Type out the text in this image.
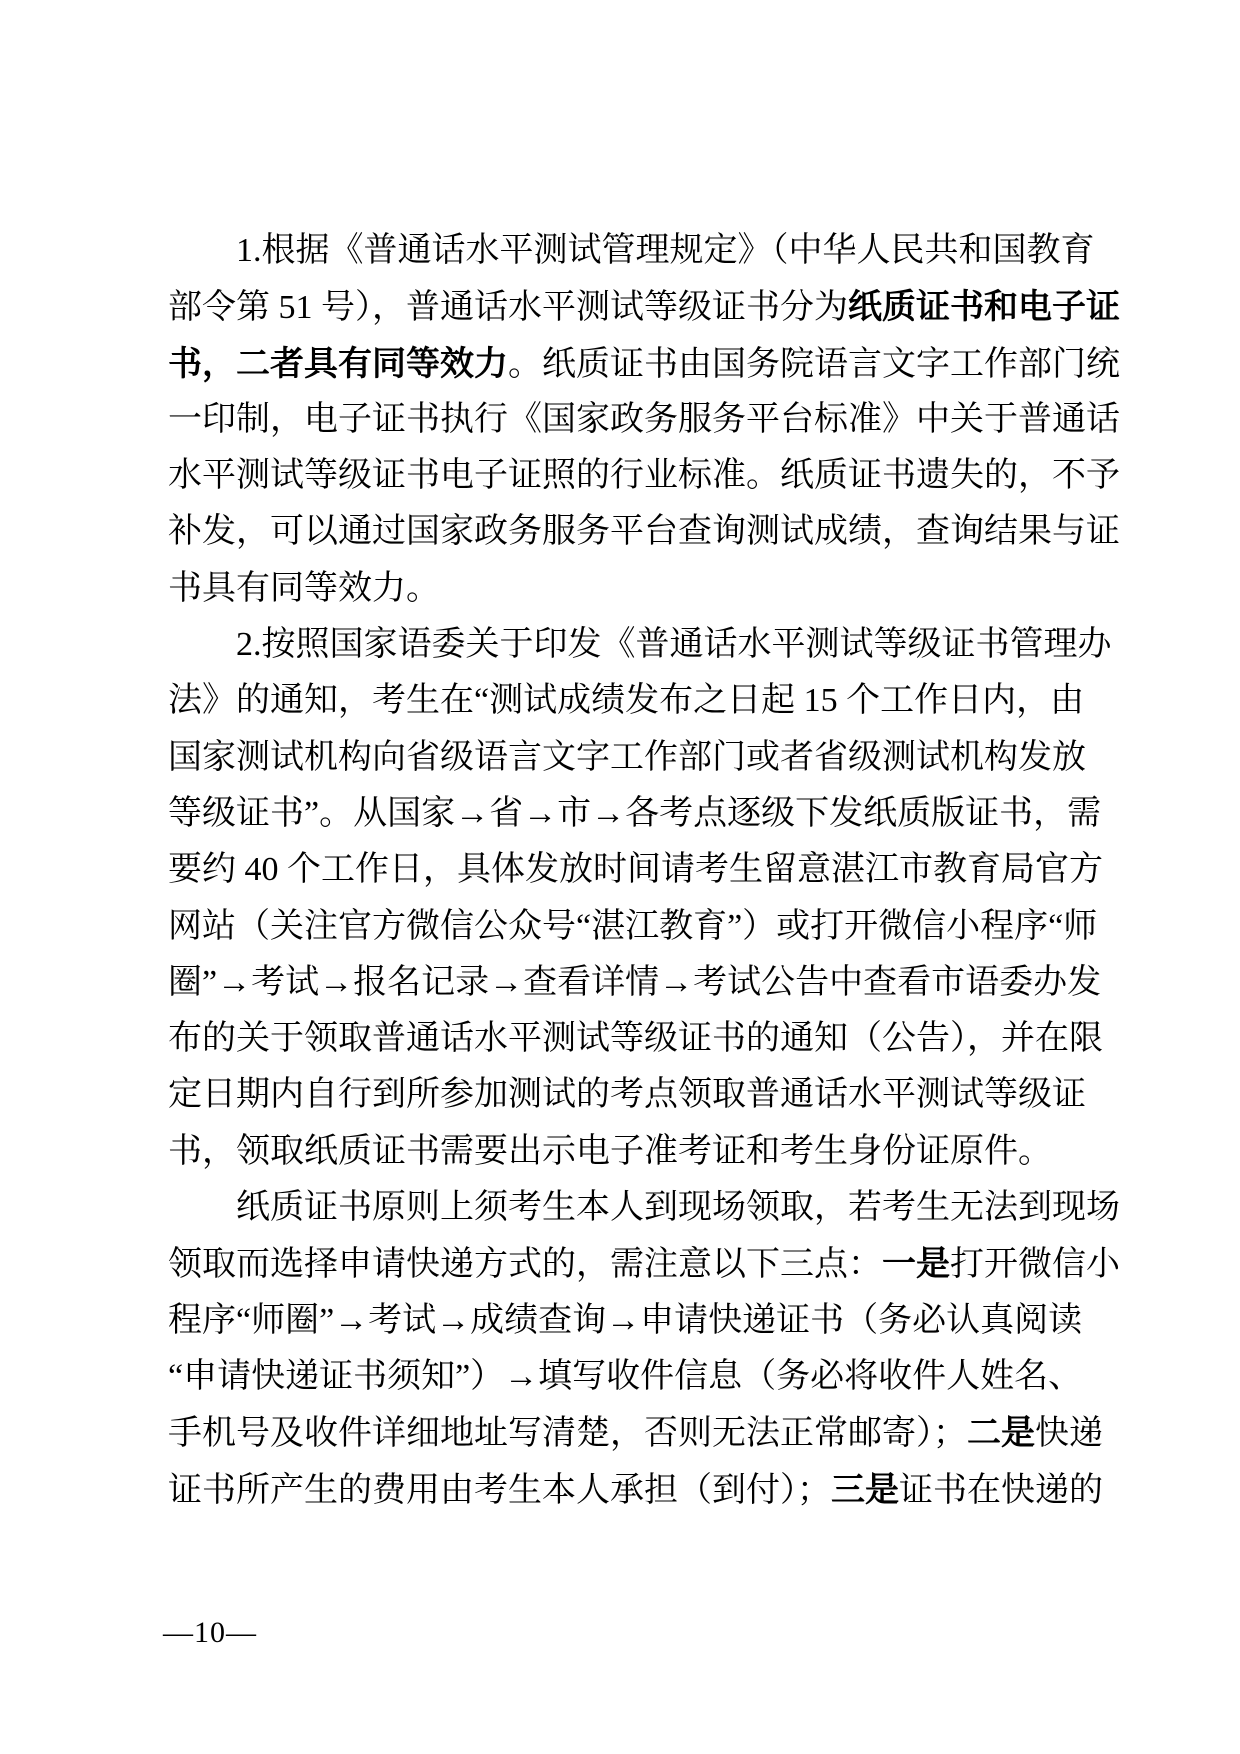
1.根据《普通话水平测试管理规定》（中华人民共和国教育
部令第 51 号），普通话水平测试等级证书分为纸质证书和电子证
书，二者具有同等效力。纸质证书由国务院语言文字工作部门统
一印制，电子证书执行《国家政务服务平台标准》中关于普通话
水平测试等级证书电子证照的行业标准。纸质证书遗失的，不予
补发，可以通过国家政务服务平台查询测试成绩，查询结果与证
书具有同等效力。
2.按照国家语委关于印发《普通话水平测试等级证书管理办
法》的通知，考生在“测试成绩发布之日起 15 个工作日内，由
国家测试机构向省级语言文字工作部门或者省级测试机构发放
等级证书”。从国家→省→市→各考点逐级下发纸质版证书，需
要约 40 个工作日，具体发放时间请考生留意湛江市教育局官方
网站（关注官方微信公众号“湛江教育”）或打开微信小程序“师
圈”→考试→报名记录→查看详情→考试公告中查看市语委办发
布的关于领取普通话水平测试等级证书的通知（公告），并在限
定日期内自行到所参加测试的考点领取普通话水平测试等级证
书，领取纸质证书需要出示电子准考证和考生身份证原件。
纸质证书原则上须考生本人到现场领取，若考生无法到现场
领取而选择申请快递方式的，需注意以下三点：一是打开微信小
程序“师圈”→考试→成绩查询→申请快递证书（务必认真阅读
“申请快递证书须知”）→填写收件信息（务必将收件人姓名、
手机号及收件详细地址写清楚，否则无法正常邮寄）；二是快递
证书所产生的费用由考生本人承担（到付）；三是证书在快递的
—10—
